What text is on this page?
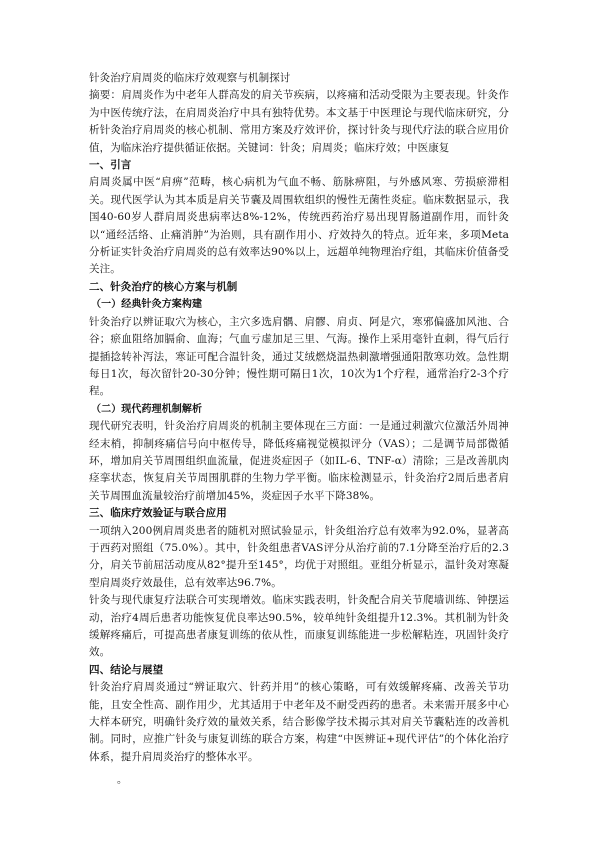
针灸治疗肩周炎的临床疗效观察与机制探讨

摘要：肩周炎作为中老年人群高发的肩关节疾病，以疼痛和活动受限为主要表现。针灸作为中医传统疗法，在肩周炎治疗中具有独特优势。本文基于中医理论与现代临床研究，分析针灸治疗肩周炎的核心机制、常用方案及疗效评价，探讨针灸与现代疗法的联合应用价值，为临床治疗提供循证依据。关键词：针灸；肩周炎；临床疗效；中医康复

一、引言

肩周炎属中医“肩痹”范畴，核心病机为气血不畅、筋脉痹阻，与外感风寒、劳损瘀滞相关。现代医学认为其本质是肩关节囊及周围软组织的慢性无菌性炎症。临床数据显示，我国40-60岁人群肩周炎患病率达8%-12%，传统西药治疗易出现胃肠道副作用，而针灸以“通经活络、止痛消肿”为治则，具有副作用小、疗效持久的特点。近年来，多项Meta分析证实针灸治疗肩周炎的总有效率达90%以上，远超单纯物理治疗组，其临床价值备受关注。

二、针灸治疗的核心方案与机制

（一）经典针灸方案构建

针灸治疗以辨证取穴为核心，主穴多选肩髃、肩髎、肩贞、阿是穴，寒邪偏盛加风池、合谷；瘀血阻络加膈俞、血海；气血亏虚加足三里、气海。操作上采用毫针直刺，得气后行提插捻转补泻法，寒证可配合温针灸，通过艾绒燃烧温热刺激增强通阳散寒功效。急性期每日1次，每次留针20-30分钟；慢性期可隔日1次，10次为1个疗程，通常治疗2-3个疗程。

（二）现代药理机制解析

现代研究表明，针灸治疗肩周炎的机制主要体现在三方面：一是通过刺激穴位激活外周神经末梢，抑制疼痛信号向中枢传导，降低疼痛视觉模拟评分（VAS）；二是调节局部微循环，增加肩关节周围组织血流量，促进炎症因子（如IL-6、TNF-α）清除；三是改善肌肉痉挛状态，恢复肩关节周围肌群的生物力学平衡。临床检测显示，针灸治疗2周后患者肩关节周围血流量较治疗前增加45%，炎症因子水平下降38%。

三、临床疗效验证与联合应用

一项纳入200例肩周炎患者的随机对照试验显示，针灸组治疗总有效率为92.0%，显著高于西药对照组（75.0%）。其中，针灸组患者VAS评分从治疗前的7.1分降至治疗后的2.3分，肩关节前屈活动度从82°提升至145°，均优于对照组。亚组分析显示，温针灸对寒凝型肩周炎疗效最佳，总有效率达96.7%。

针灸与现代康复疗法联合可实现增效。临床实践表明，针灸配合肩关节爬墙训练、钟摆运动，治疗4周后患者功能恢复优良率达90.5%，较单纯针灸组提升12.3%。其机制为针灸缓解疼痛后，可提高患者康复训练的依从性，而康复训练能进一步松解粘连，巩固针灸疗效。

四、结论与展望

针灸治疗肩周炎通过“辨证取穴、针药并用”的核心策略，可有效缓解疼痛、改善关节功能，且安全性高、副作用少，尤其适用于中老年及不耐受西药的患者。未来需开展多中心大样本研究，明确针灸疗效的量效关系，结合影像学技术揭示其对肩关节囊粘连的改善机制。同时，应推广针灸与康复训练的联合方案，构建“中医辨证+现代评估”的个体化治疗体系，提升肩周炎治疗的整体水平。

。
